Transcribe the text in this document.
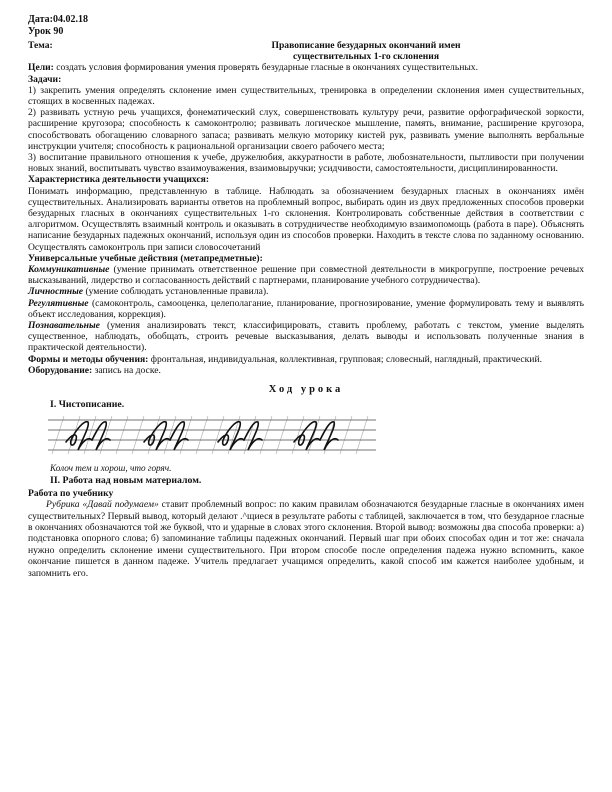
Дата:04.02.18
Урок 90
Тема:	Правописание безударных окончаний имен
существительных 1-го склонения

Цели: создать условия формирования умения проверять безударные гласные в окончаниях существительных.

Задачи:

1) закрепить умения определять склонение имен существительных, тренировка в определении склонения имен существительных, стоящих в косвенных падежах.

2) развивать устную речь учащихся, фонематический слух, совершенствовать культуру речи, развитие орфографической зоркости, расширение кругозора; способность к самоконтролю; развивать логическое мышление, память, внимание, расширение кругозора, способствовать обогащению словарного запаса; развивать мелкую моторику кистей рук, развивать умение выполнять вербальные инструкции учителя; способность к рациональной организации своего рабочего места;

3) воспитание правильного отношения к учебе, дружелюбия, аккуратности в работе, любознательности, пытливости при получении новых знаний, воспитывать чувство взаимоуважения, взаимовыручки; усидчивости, самостоятельности, дисциплинированности.

Характеристика деятельности учащихся:

Понимать информацию, представленную в таблице. Наблюдать за обозначением безударных гласных в окончаниях имён существительных. Анализировать варианты ответов на проблемный вопрос, выбирать один из двух предложенных способов проверки безударных гласных в окончаниях существительных 1-го склонения. Контролировать собственные действия в соответствии с алгоритмом. Осуществлять взаимный контроль и оказывать в сотрудничестве необходимую взаимопомощь (работа в паре). Объяснять написание безударных падежных окончаний, используя один из способов проверки. Находить в тексте слова по заданному основанию. Осуществлять самоконтроль при записи словосочетаний

Универсальные учебные действия (метапредметные):

Коммуникативные (умение принимать ответственное решение при совместной деятельности в микрогруппе, построение речевых высказываний, лидерство и согласованность действий с партнерами, планирование учебного сотрудничества).

Личностные (умение соблюдать установленные правила).

Регулятивные (самоконтроль, самооценка, целеполагание, планирование, прогнозирование, умение формулировать тему и выявлять объект исследования, коррекция).

Познавательные (умения анализировать текст, классифицировать, ставить проблему, работать с текстом, умение выделять существенное, наблюдать, обобщать, строить речевые высказывания, делать выводы и использовать полученные знания в практической деятельности).

Формы и методы обучения: фронтальная, индивидуальная, коллективная, групповая; словесный, наглядный, практический.

Оборудование: запись на доске.

Ход урока
I. Чистописание.
Колоч тем и хорош, что горяч.
II. Работа над новым материалом.
Работа по учебнику

Рубрика «Давай подумаем» ставит проблемный вопрос: по каким правилам обозначаются безударные гласные в окончаниях имен существительных? Первый вывод, который делают .^щиеся в результате работы с таблицей, заключается в том, что безударное гласные в окончаниях обозначаются той же буквой, что и ударные в словах этого склонения. Второй вывод: возможны два способа проверки: а) подстановка опорного слова; б) запоминание таблицы падежных окончаний. Первый шаг при обоих способах один и тот же: сначала нужно определить склонение имени существительного. При втором способе после определения падежа нужно вспомнить, какое окончание пишется в данном падеже. Учитель предлагает учащимся определить, какой способ им кажется наиболее удобным, и запомнить его.
